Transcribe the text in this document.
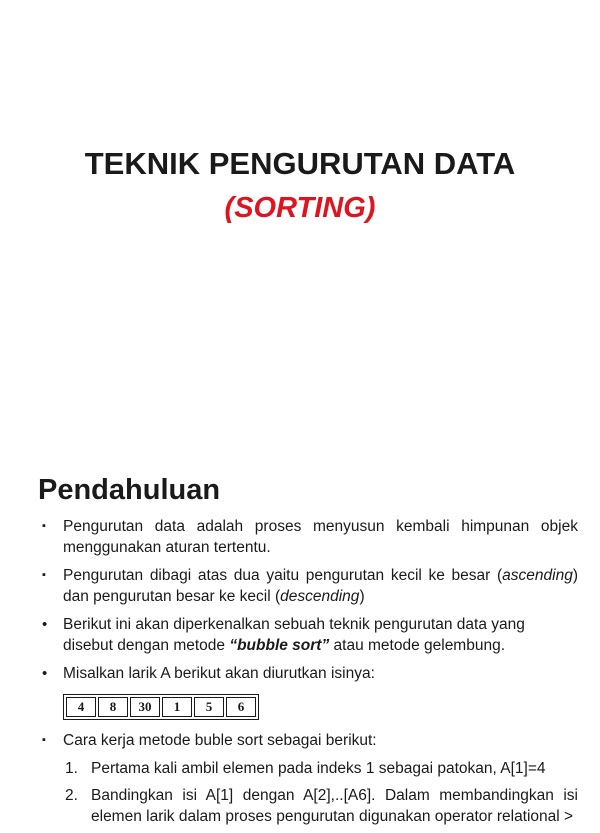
TEKNIK PENGURUTAN DATA
(SORTING)
Pendahuluan
▪	Pengurutan data adalah proses menyusun kembali himpunan objek menggunakan aturan tertentu.
▪	Pengurutan dibagi atas dua yaitu pengurutan kecil ke besar (ascending) dan pengurutan besar ke kecil (descending)
•	Berikut ini akan diperkenalkan sebuah teknik pengurutan data yang disebut dengan metode “bubble sort” atau metode gelembung.
•	Misalkan larik A berikut akan diurutkan isinya:
4	8	30	1	5	6
▪	Cara kerja metode buble sort sebagai berikut:
1. Pertama kali ambil elemen pada indeks 1 sebagai patokan, A[1]=4
2. Bandingkan isi A[1] dengan A[2],..[A6]. Dalam membandingkan isi elemen larik dalam proses pengurutan digunakan operator relational >
